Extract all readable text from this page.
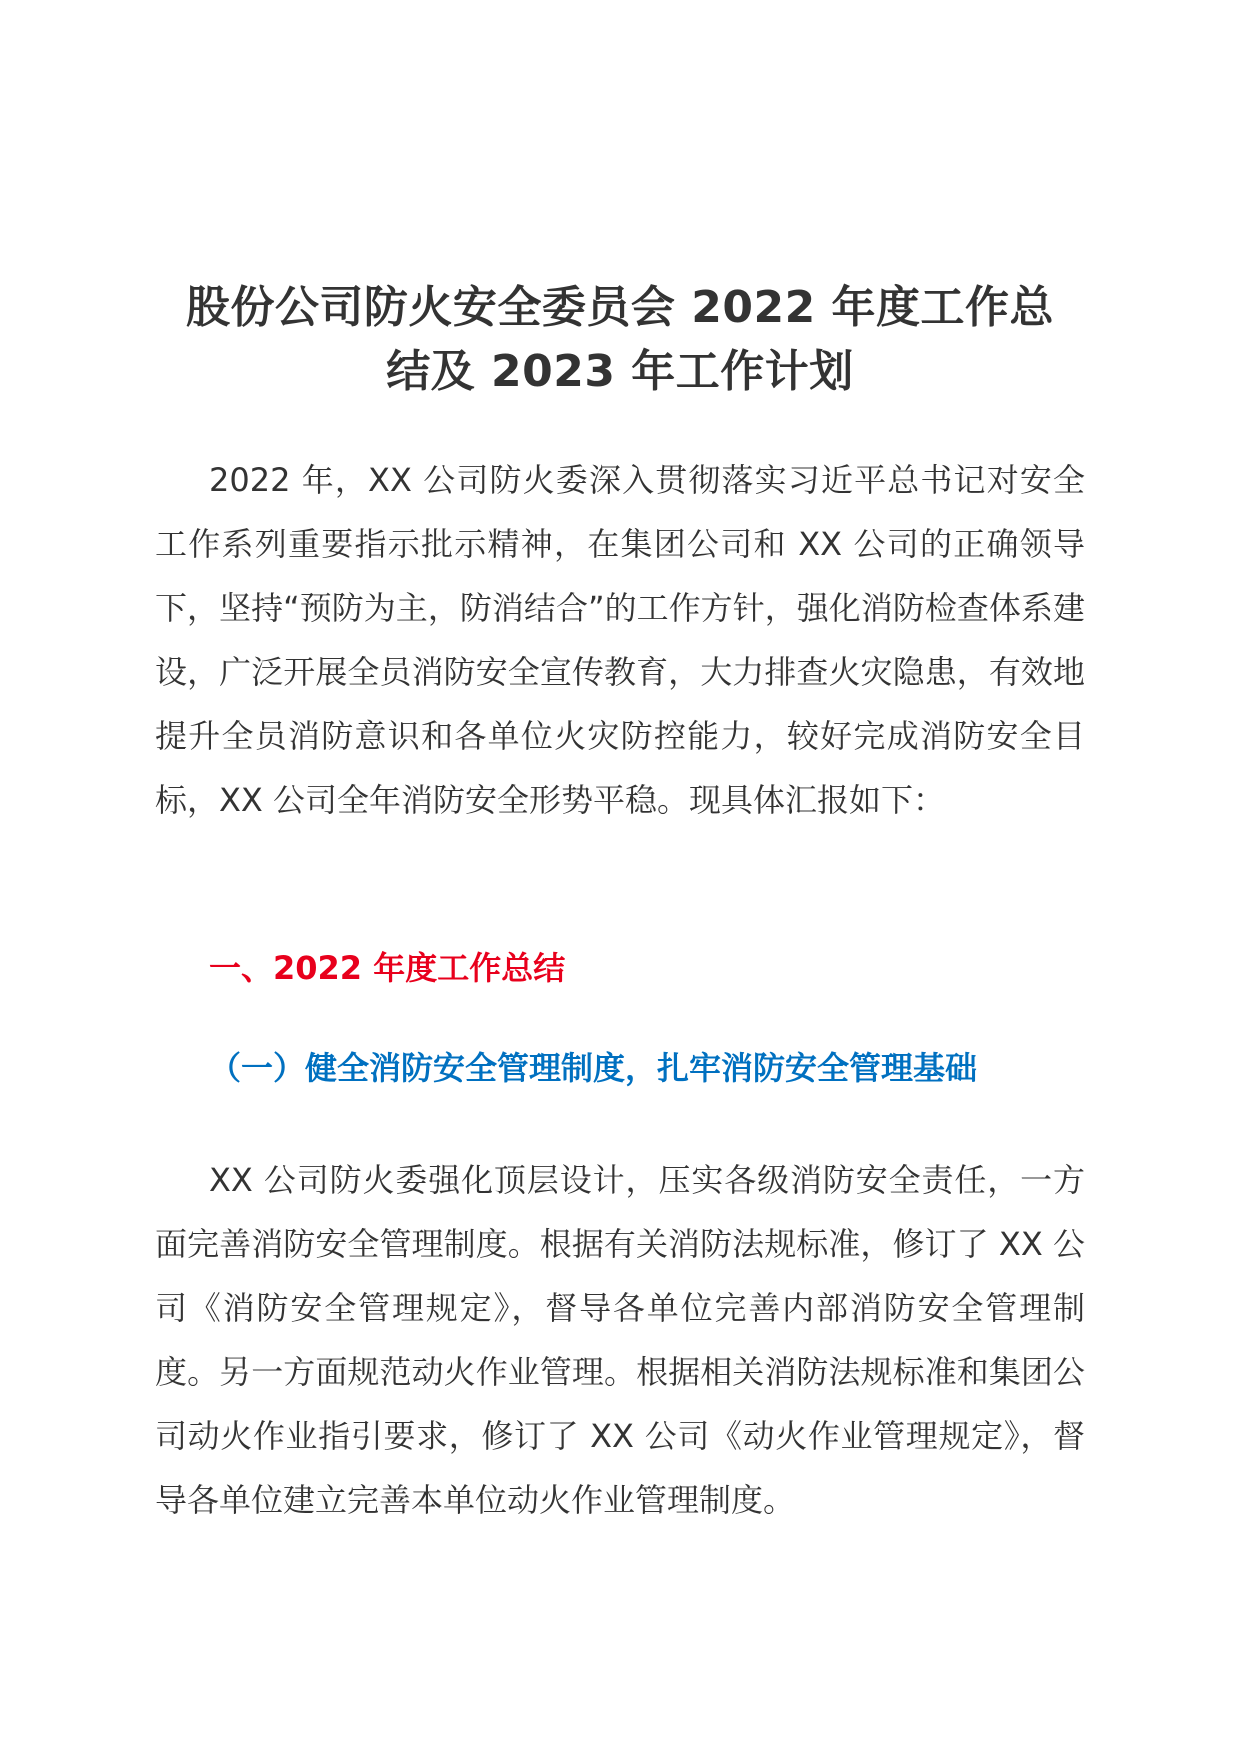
股份公司防火安全委员会 2022 年度工作总
结及 2023 年工作计划

2022 年，XX 公司防火委深入贯彻落实习近平总书记对安全工作系列重要指示批示精神，在集团公司和 XX 公司的正确领导下，坚持“预防为主，防消结合”的工作方针，强化消防检查体系建设，广泛开展全员消防安全宣传教育，大力排查火灾隐患，有效地提升全员消防意识和各单位火灾防控能力，较好完成消防安全目标，XX 公司全年消防安全形势平稳。现具体汇报如下：

一、2022 年度工作总结
（一）健全消防安全管理制度，扎牢消防安全管理基础

XX 公司防火委强化顶层设计，压实各级消防安全责任，一方面完善消防安全管理制度。根据有关消防法规标准，修订了 XX 公司《消防安全管理规定》，督导各单位完善内部消防安全管理制度。另一方面规范动火作业管理。根据相关消防法规标准和集团公司动火作业指引要求，修订了 XX 公司《动火作业管理规定》，督导各单位建立完善本单位动火作业管理制度。
